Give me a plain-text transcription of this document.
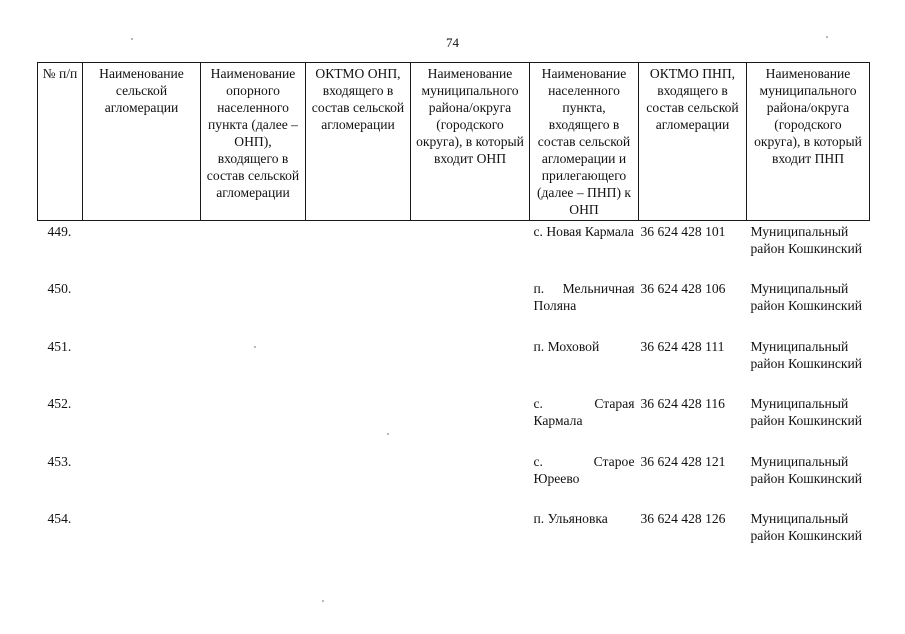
74
№ п/п	Наименование сельской агломерации	Наименование опорного населенного пункта (далее – ОНП), входящего в состав сельской агломерации	ОКТМО ОНП, входящего в состав сельской агломерации	Наименование муниципального района/округа (городского округа), в который входит ОНП	Наименование населенного пункта, входящего в состав сельской агломерации и прилегающего (далее – ПНП) к ОНП	ОКТМО ПНП, входящего в состав сельской агломерации	Наименование муниципального района/округа (городского округа), в который входит ПНП
449.					с. Новая Кармала	36 624 428 101	Муниципальный район Кошкинский
450.					п. Мельничная Поляна	36 624 428 106	Муниципальный район Кошкинский
451.					п. Моховой	36 624 428 111	Муниципальный район Кошкинский
452.					с. Старая Кармала	36 624 428 116	Муниципальный район Кошкинский
453.					с. Старое Юреево	36 624 428 121	Муниципальный район Кошкинский
454.					п. Ульяновка	36 624 428 126	Муниципальный район Кошкинский
